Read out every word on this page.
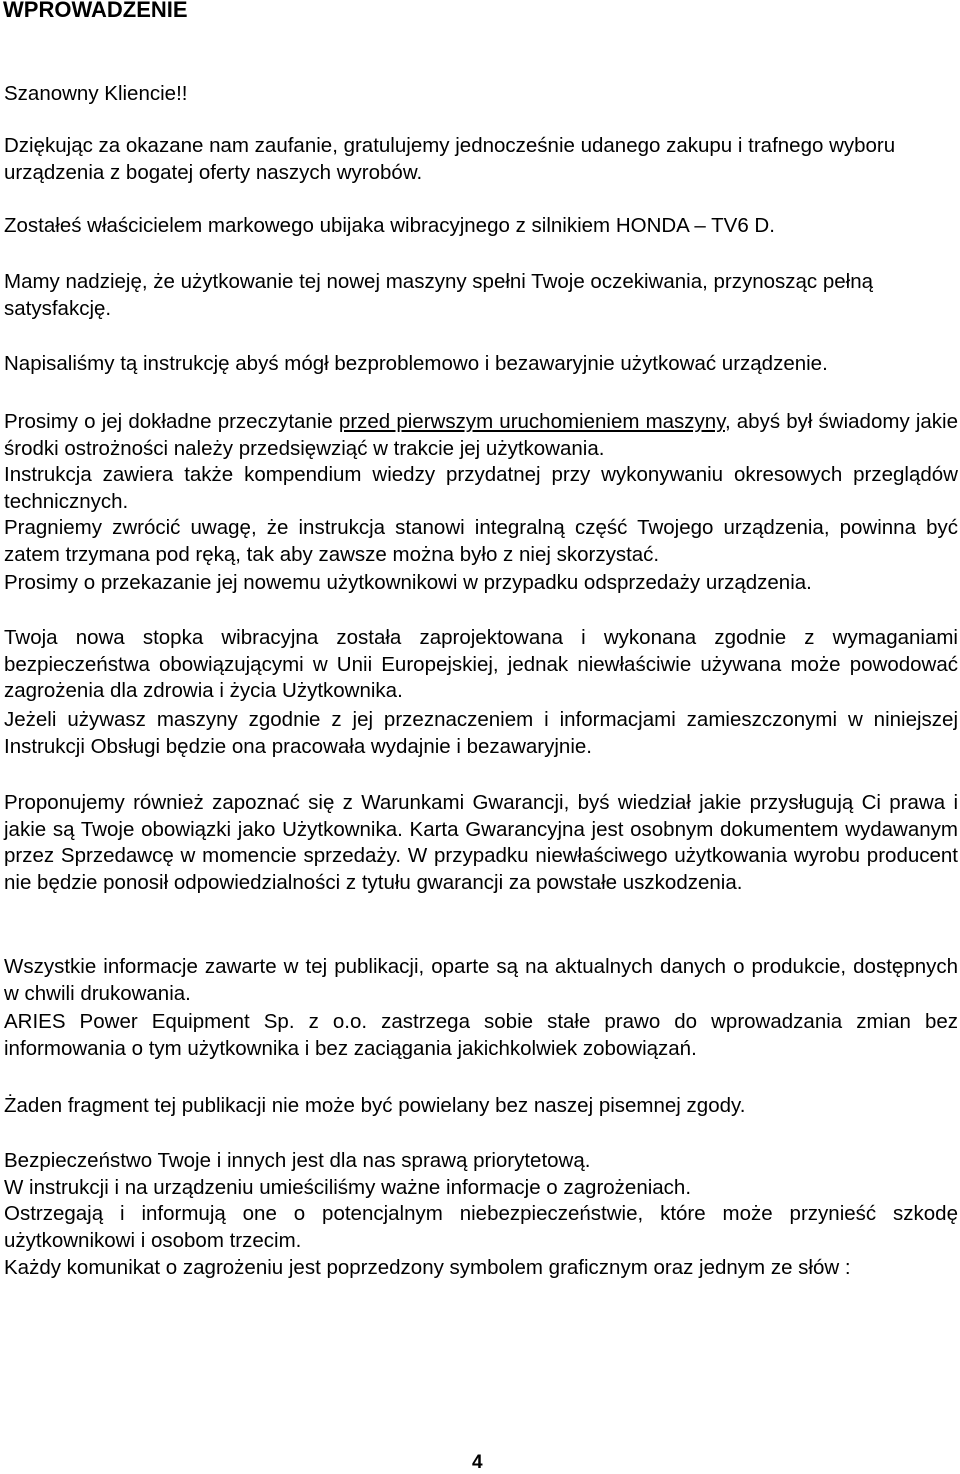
WPROWADZENIE

Szanowny Kliencie!!

Dziękując za okazane nam zaufanie, gratulujemy jednocześnie udanego zakupu i trafnego wyboru urządzenia z bogatej oferty naszych wyrobów.

Zostałeś właścicielem markowego ubijaka wibracyjnego z silnikiem HONDA – TV6 D.

Mamy nadzieję, że użytkowanie tej nowej maszyny spełni Twoje oczekiwania, przynosząc pełną satysfakcję.

Napisaliśmy tą instrukcję abyś mógł bezproblemowo i bezawaryjnie użytkować urządzenie.

Prosimy o jej dokładne przeczytanie przed pierwszym uruchomieniem maszyny, abyś był świadomy jakie środki ostrożności należy przedsięwziąć w trakcie jej użytkowania.

Instrukcja zawiera także kompendium wiedzy przydatnej przy wykonywaniu okresowych przeglądów technicznych.

Pragniemy zwrócić uwagę, że instrukcja stanowi integralną część Twojego urządzenia, powinna być zatem trzymana pod ręką, tak aby zawsze można było z niej skorzystać.

Prosimy o przekazanie jej nowemu użytkownikowi w przypadku odsprzedaży urządzenia.

Twoja nowa stopka wibracyjna została zaprojektowana i wykonana zgodnie z wymaganiami bezpieczeństwa obowiązującymi w Unii Europejskiej, jednak niewłaściwie używana może powodować zagrożenia dla zdrowia i życia Użytkownika.

Jeżeli używasz maszyny zgodnie z jej przeznaczeniem i informacjami zamieszczonymi w niniejszej Instrukcji Obsługi będzie ona pracowała wydajnie i bezawaryjnie.

Proponujemy również zapoznać się z Warunkami Gwarancji, byś wiedział jakie przysługują Ci prawa i jakie są Twoje obowiązki jako Użytkownika. Karta Gwarancyjna jest osobnym dokumentem wydawanym przez Sprzedawcę w momencie sprzedaży. W przypadku niewłaściwego użytkowania wyrobu producent nie będzie ponosił odpowiedzialności z tytułu gwarancji za powstałe uszkodzenia.

Wszystkie informacje zawarte w tej publikacji, oparte są na aktualnych danych o produkcie, dostępnych w chwili drukowania.

ARIES Power Equipment Sp. z o.o. zastrzega sobie stałe prawo do wprowadzania zmian bez informowania o tym użytkownika i bez zaciągania jakichkolwiek zobowiązań.

Żaden fragment tej publikacji nie może być powielany bez naszej pisemnej zgody.

Bezpieczeństwo Twoje i innych jest dla nas sprawą priorytetową.

W instrukcji i na urządzeniu umieściliśmy ważne informacje o zagrożeniach.

Ostrzegają i informują one o potencjalnym niebezpieczeństwie, które może przynieść szkodę użytkownikowi i osobom trzecim.

Każdy komunikat o zagrożeniu jest poprzedzony symbolem graficznym oraz jednym ze słów :

4
